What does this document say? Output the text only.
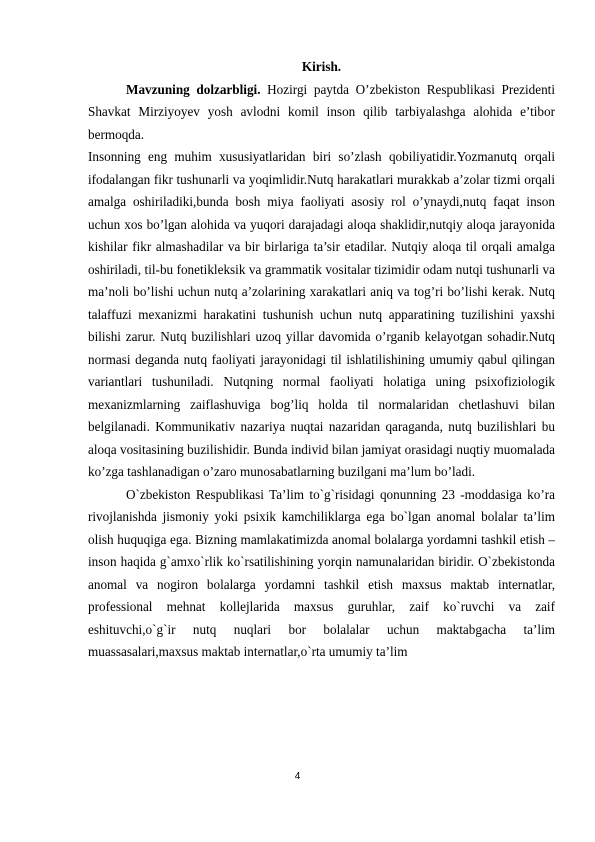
Kirish.

Mavzuning dolzarbligi. Hozirgi paytda O’zbekiston Respublikasi Prezidenti Shavkat Mirziyoyev yosh avlodni komil inson qilib tarbiyalashga alohida e’tibor bermoqda.

Insonning eng muhim xususiyatlaridan biri so’zlash qobiliyatidir.Yozmanutq orqali ifodalangan fikr tushunarli va yoqimlidir.Nutq harakatlari murakkab a’zolar tizmi orqali amalga oshiriladiki,bunda bosh miya faoliyati asosiy rol o’ynaydi,nutq faqat inson uchun xos bo’lgan alohida va yuqori darajadagi aloqa shaklidir,nutqiy aloqa jarayonida kishilar fikr almashadilar va bir birlariga ta’sir etadilar. Nutqiy aloqa til orqali amalga oshiriladi, til-bu fonetikleksik va grammatik vositalar tizimidir odam nutqi tushunarli va ma’noli bo’lishi uchun nutq a’zolarining xarakatlari aniq va tog’ri bo’lishi kerak. Nutq talaffuzi mexanizmi harakatini tushunish uchun nutq apparatining tuzilishini yaxshi bilishi zarur. Nutq buzilishlari uzoq yillar davomida o’rganib kelayotgan sohadir.Nutq normasi deganda nutq faoliyati jarayonidagi til ishlatilishining umumiy qabul qilingan variantlari tushuniladi. Nutqning normal faoliyati holatiga uning psixofiziologik mexanizmlarning zaiflashuviga bog’liq holda til normalaridan chetlashuvi bilan belgilanadi. Kommunikativ nazariya nuqtai nazaridan qaraganda, nutq buzilishlari bu aloqa vositasining buzilishidir. Bunda individ bilan jamiyat orasidagi nuqtiy muomalada ko’zga tashlanadigan o’zaro munosabatlarning buzilgani ma’lum bo’ladi.

O`zbekiston Respublikasi Ta’lim to`g`risidagi qonunning 23 -moddasiga ko’ra rivojlanishda jismoniy yoki psixik kamchiliklarga ega bo`lgan anomal bolalar ta’lim olish huquqiga ega. Bizning mamlakatimizda anomal bolalarga yordamni tashkil etish – inson haqida g`amxo`rlik ko`rsatilishining yorqin namunalaridan biridir. O`zbekistonda anomal va nogiron bolalarga yordamni tashkil etish maxsus maktab internatlar, professional mehnat kollejlarida maxsus guruhlar, zaif ko`ruvchi va zaif eshituvchi,o`g`ir nutq nuqlari bor bolalalar uchun maktabgacha ta’lim muassasalari,maxsus maktab internatlar,o`rta umumiy ta’lim

4
